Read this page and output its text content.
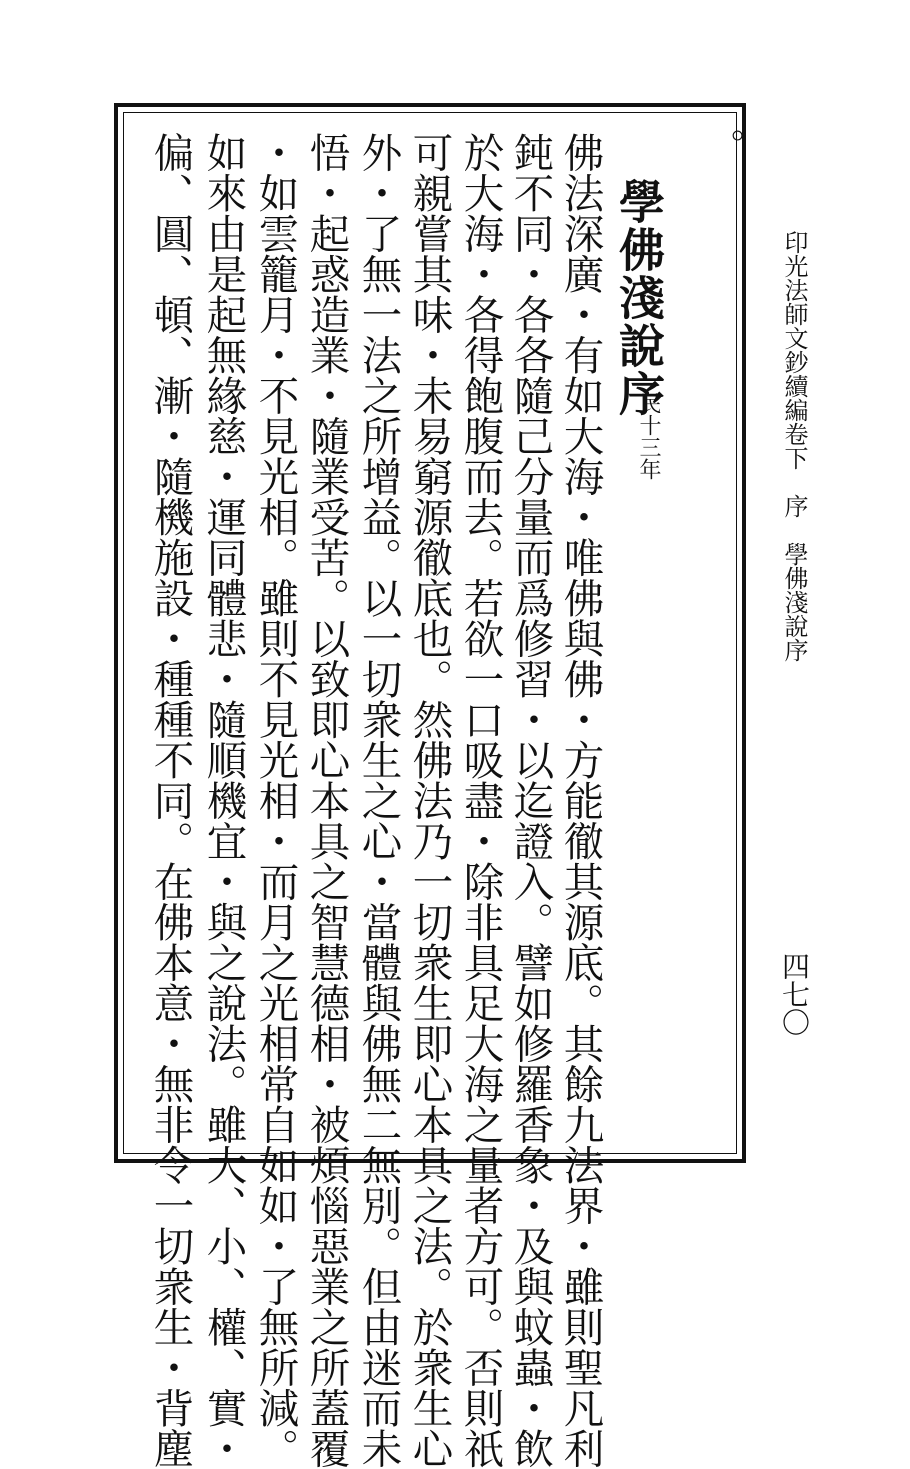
印光法師文鈔續編卷下　序　學佛淺說序
四七〇
。
學佛淺說序
民十三年
佛法深廣・有如大海・唯佛與佛・方能徹其源底。其餘九法界・雖則聖凡利
鈍不同・各各隨己分量而爲修習・以迄證入。譬如修羅香象・及與蚊蟲・飲
於大海・各得飽腹而去。若欲一口吸盡・除非具足大海之量者方可。否則祇
可親嘗其味・未易窮源徹底也。然佛法乃一切衆生即心本具之法。於衆生心
外・了無一法之所增益。以一切衆生之心・當體與佛無二無別。但由迷而未
悟・起惑造業・隨業受苦。以致即心本具之智慧德相・被煩惱惡業之所蓋覆
・如雲籠月・不見光相。雖則不見光相・而月之光相常自如如・了無所減。
如來由是起無緣慈・運同體悲・隨順機宜・與之說法。雖大、小、權、實・
偏、圓、頓、漸・隨機施設・種種不同。在佛本意・無非令一切衆生・背塵
